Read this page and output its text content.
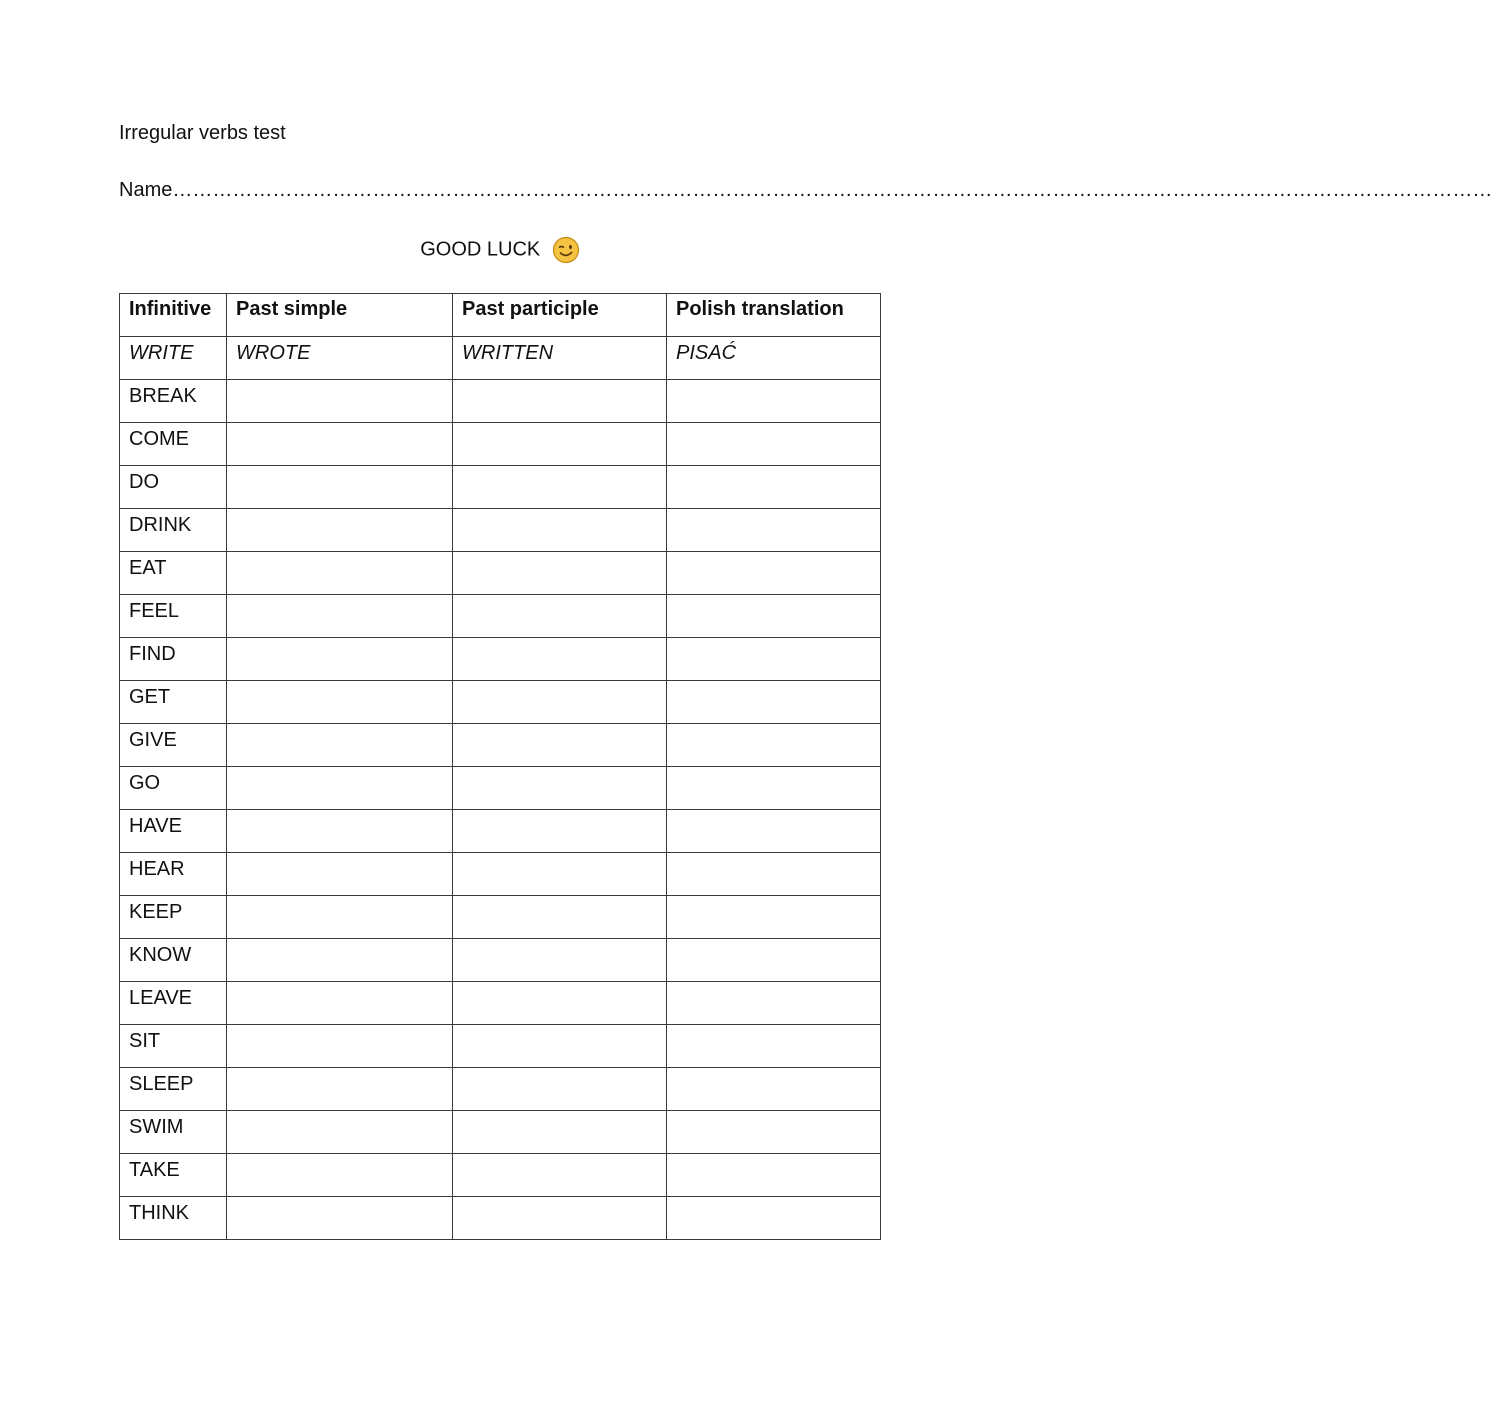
Irregular verbs test
Name ………………………………………………………………………………………………………………………………………………………………………………
GOOD LUCK
Infinitive	Past simple	Past participle	Polish translation
WRITE	WROTE	WRITTEN	PISAĆ
BREAK			
COME			
DO			
DRINK			
EAT			
FEEL			
FIND			
GET			
GIVE			
GO			
HAVE			
HEAR			
KEEP			
KNOW			
LEAVE			
SIT			
SLEEP			
SWIM			
TAKE			
THINK			
